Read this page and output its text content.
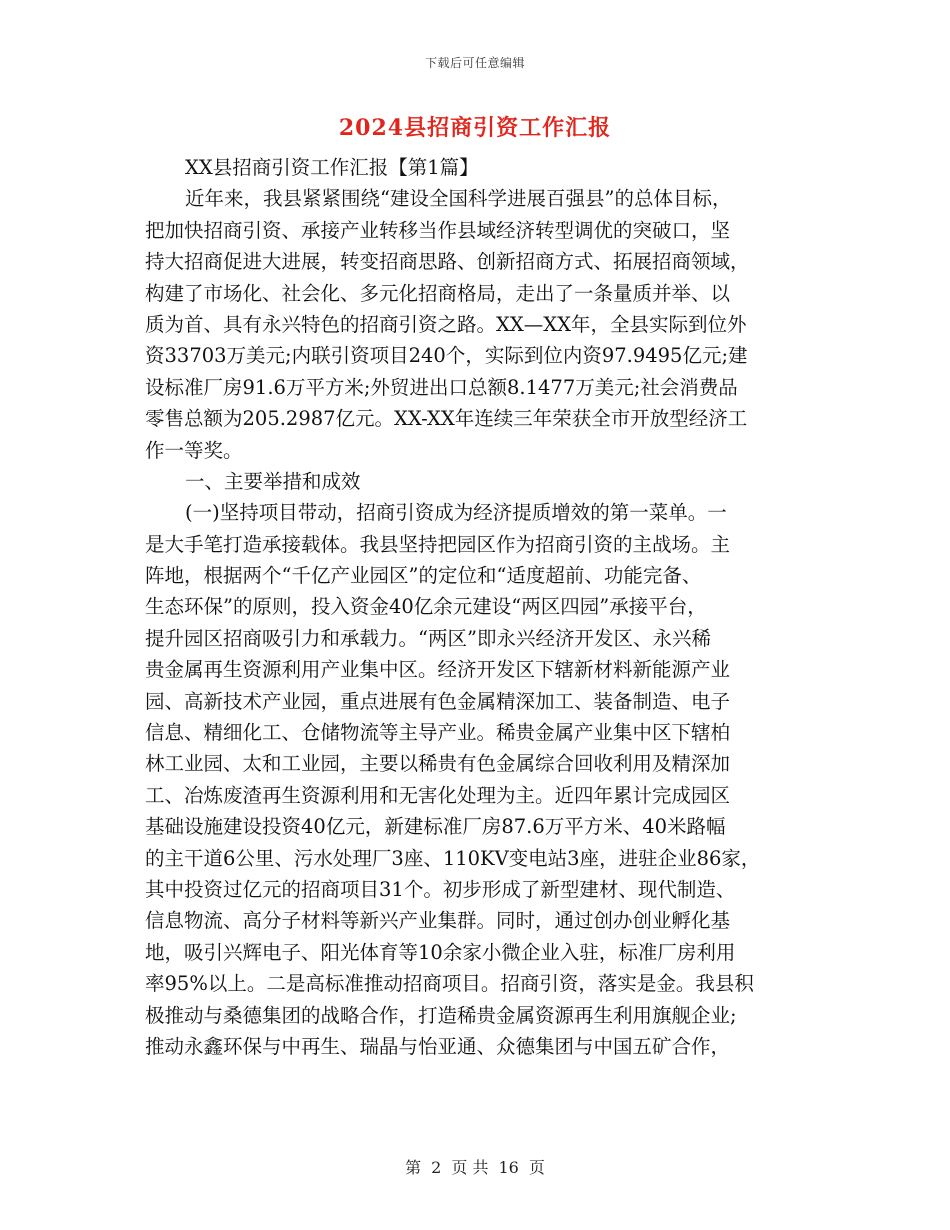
下载后可任意编辑
2024县招商引资工作汇报
XX县招商引资工作汇报【第1篇】
近年来，我县紧紧围绕“建设全国科学进展百强县”的总体目标，
把加快招商引资、承接产业转移当作县域经济转型调优的突破口，坚
持大招商促进大进展，转变招商思路、创新招商方式、拓展招商领域，
构建了市场化、社会化、多元化招商格局，走出了一条量质并举、以
质为首、具有永兴特色的招商引资之路。XX—XX年，全县实际到位外
资33703万美元;内联引资项目240个，实际到位内资97.9495亿元;建
设标准厂房91.6万平方米;外贸进出口总额8.1477万美元;社会消费品
零售总额为205.2987亿元。XX-XX年连续三年荣获全市开放型经济工
作一等奖。
一、主要举措和成效
(一)坚持项目带动，招商引资成为经济提质增效的第一菜单。一
是大手笔打造承接载体。我县坚持把园区作为招商引资的主战场。主
阵地，根据两个“千亿产业园区”的定位和“适度超前、功能完备、
生态环保”的原则，投入资金40亿余元建设“两区四园”承接平台，
提升园区招商吸引力和承载力。“两区”即永兴经济开发区、永兴稀
贵金属再生资源利用产业集中区。经济开发区下辖新材料新能源产业
园、高新技术产业园，重点进展有色金属精深加工、装备制造、电子
信息、精细化工、仓储物流等主导产业。稀贵金属产业集中区下辖柏
林工业园、太和工业园，主要以稀贵有色金属综合回收利用及精深加
工、冶炼废渣再生资源利用和无害化处理为主。近四年累计完成园区
基础设施建设投资40亿元，新建标准厂房87.6万平方米、40米路幅
的主干道6公里、污水处理厂3座、110KV变电站3座，进驻企业86家，
其中投资过亿元的招商项目31个。初步形成了新型建材、现代制造、
信息物流、高分子材料等新兴产业集群。同时，通过创办创业孵化基
地，吸引兴辉电子、阳光体育等10余家小微企业入驻，标准厂房利用
率95%以上。二是高标准推动招商项目。招商引资，落实是金。我县积
极推动与桑德集团的战略合作，打造稀贵金属资源再生利用旗舰企业;
推动永鑫环保与中再生、瑞晶与怡亚通、众德集团与中国五矿合作，
第 2 页 共 16 页
